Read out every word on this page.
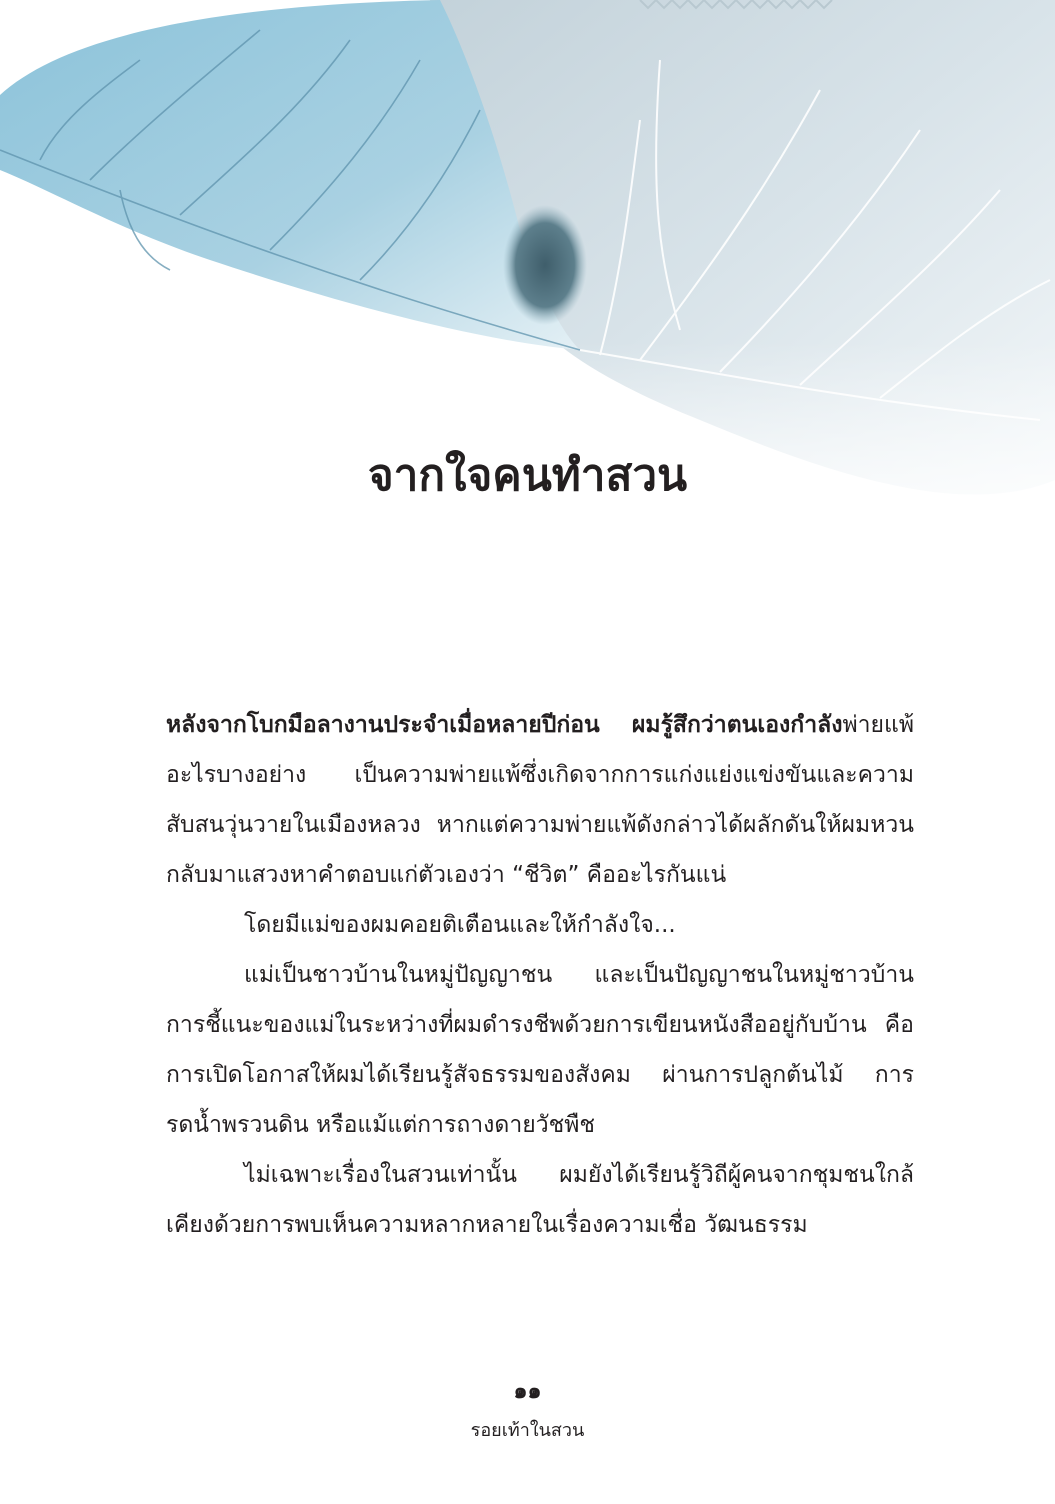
จากใจคนทำสวน

หลังจากโบกมือลางานประจำเมื่อหลายปีก่อน ผมรู้สึกว่าตนเองกำลังพ่ายแพ้อะไรบางอย่าง เป็นความพ่ายแพ้ซึ่งเกิดจากการแก่งแย่งแข่งขันและความสับสนวุ่นวายในเมืองหลวง หากแต่ความพ่ายแพ้ดังกล่าวได้ผลักดันให้ผมหวนกลับมาแสวงหาคำตอบแก่ตัวเองว่า “ชีวิต” คืออะไรกันแน่

โดยมีแม่ของผมคอยติเตือนและให้กำลังใจ...

แม่เป็นชาวบ้านในหมู่ปัญญาชน และเป็นปัญญาชนในหมู่ชาวบ้าน การชี้แนะของแม่ในระหว่างที่ผมดำรงชีพด้วยการเขียนหนังสืออยู่กับบ้าน คือการเปิดโอกาสให้ผมได้เรียนรู้สัจธรรมของสังคม ผ่านการปลูกต้นไม้ การรดน้ำพรวนดิน หรือแม้แต่การถางดายวัชพืช

ไม่เฉพาะเรื่องในสวนเท่านั้น ผมยังได้เรียนรู้วิถีผู้คนจากชุมชนใกล้เคียงด้วยการพบเห็นความหลากหลายในเรื่องความเชื่อ วัฒนธรรม

๑๑
รอยเท้าในสวน
